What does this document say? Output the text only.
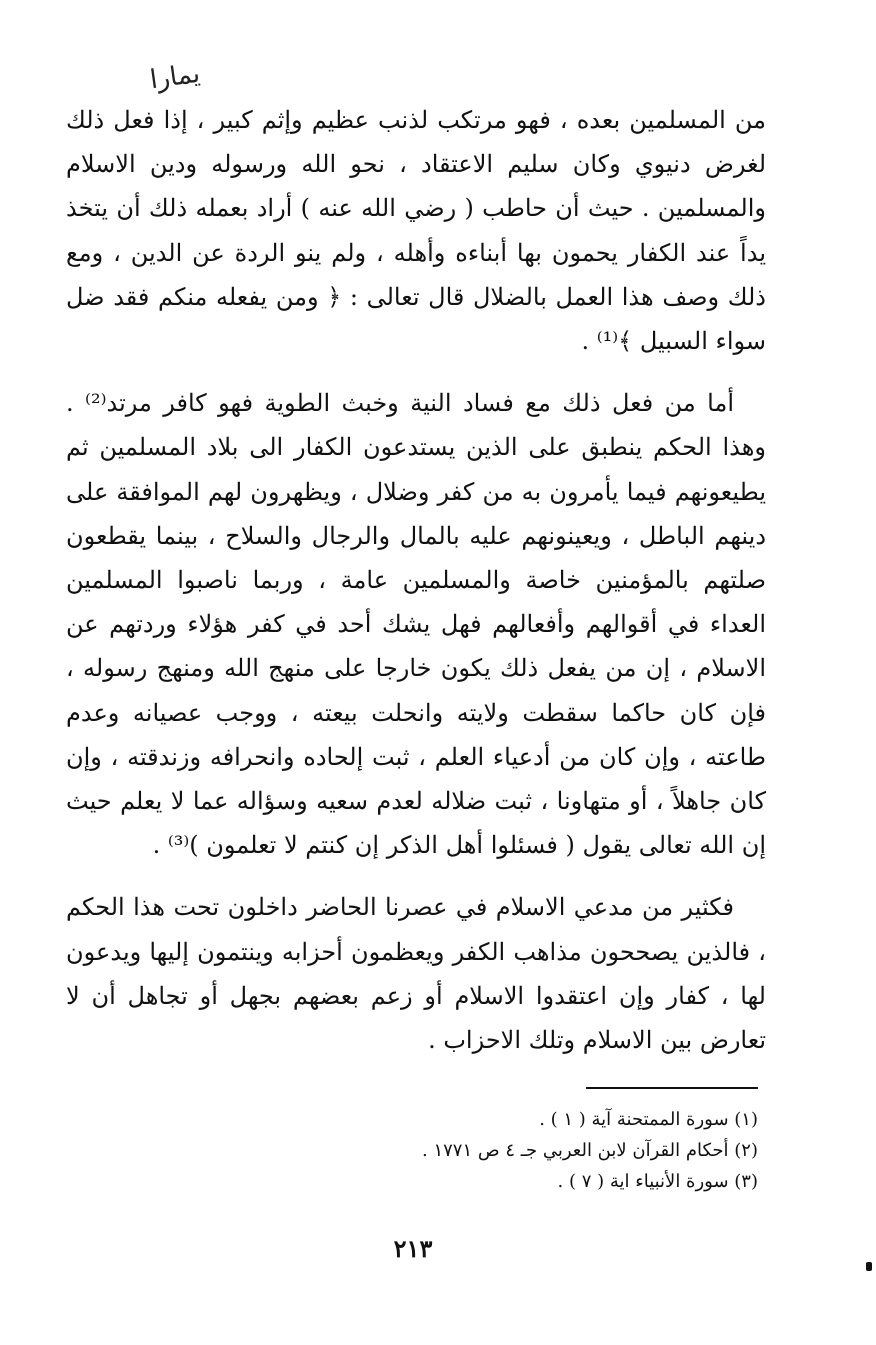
يمارا

من المسلمين بعده ، فهو مرتكب لذنب عظيم وإثم كبير ، إذا فعل ذلك لغرض دنيوي وكان سليم الاعتقاد ، نحو الله ورسوله ودين الاسلام والمسلمين . حيث أن حاطب ( رضي الله عنه ) أراد بعمله ذلك أن يتخذ يداً عند الكفار يحمون بها أبناءه وأهله ، ولم ينو الردة عن الدين ، ومع ذلك وصف هذا العمل بالضلال قال تعالى : ﴿ ومن يفعله منكم فقد ضل سواء السبيل ﴾⁽¹⁾ .

أما من فعل ذلك مع فساد النية وخبث الطوية فهو كافر مرتد⁽²⁾ . وهذا الحكم ينطبق على الذين يستدعون الكفار الى بلاد المسلمين ثم يطيعونهم فيما يأمرون به من كفر وضلال ، ويظهرون لهم الموافقة على دينهم الباطل ، ويعينونهم عليه بالمال والرجال والسلاح ، بينما يقطعون صلتهم بالمؤمنين خاصة والمسلمين عامة ، وربما ناصبوا المسلمين العداء في أقوالهم وأفعالهم فهل يشك أحد في كفر هؤلاء وردتهم عن الاسلام ، إن من يفعل ذلك يكون خارجا على منهج الله ومنهج رسوله ، فإن كان حاكما سقطت ولايته وانحلت بيعته ، ووجب عصيانه وعدم طاعته ، وإن كان من أدعياء العلم ، ثبت إلحاده وانحرافه وزندقته ، وإن كان جاهلاً ، أو متهاونا ، ثبت ضلاله لعدم سعيه وسؤاله عما لا يعلم حيث إن الله تعالى يقول ( فسئلوا أهل الذكر إن كنتم لا تعلمون )⁽³⁾ .

فكثير من مدعي الاسلام في عصرنا الحاضر داخلون تحت هذا الحكم ، فالذين يصححون مذاهب الكفر ويعظمون أحزابه وينتمون إليها ويدعون لها ، كفار وإن اعتقدوا الاسلام أو زعم بعضهم بجهل أو تجاهل أن لا تعارض بين الاسلام وتلك الاحزاب .

(١) سورة الممتحنة آية ( ١ ) .

(٢) أحكام القرآن لابن العربي جـ ٤ ص ١٧٧١ .

(٣) سورة الأنبياء اية ( ٧ ) .

٢١٣
